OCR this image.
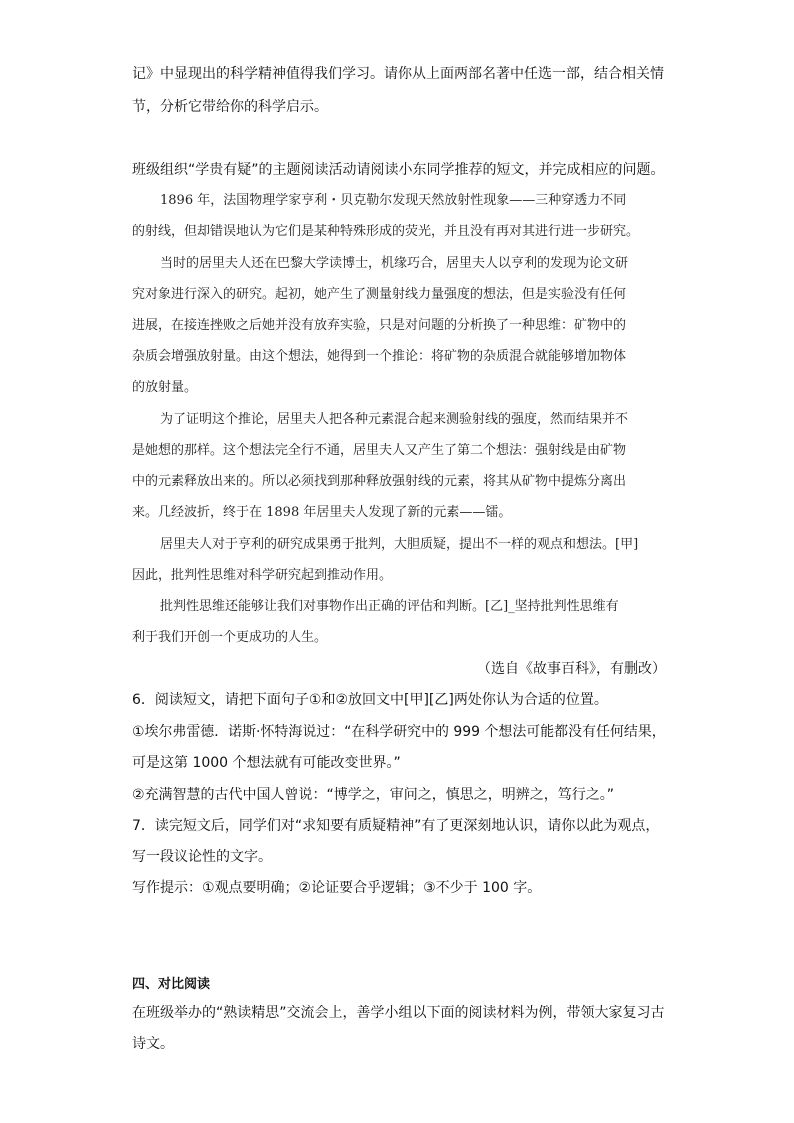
记》中显现出的科学精神值得我们学习。请你从上面两部名著中任选一部，结合相关情
节，分析它带给你的科学启示。
班级组织“学贵有疑”的主题阅读活动请阅读小东同学推荐的短文，并完成相应的问题。
1896 年，法国物理学家亨利・贝克勒尔发现天然放射性现象——三种穿透力不同
的射线，但却错误地认为它们是某种特殊形成的荧光，并且没有再对其进行进一步研究。
当时的居里夫人还在巴黎大学读博士，机缘巧合，居里夫人以亨利的发现为论文研
究对象进行深入的研究。起初，她产生了测量射线力量强度的想法，但是实验没有任何
进展，在接连挫败之后她并没有放弃实验，只是对问题的分析换了一种思维：矿物中的
杂质会增强放射量。由这个想法，她得到一个推论：将矿物的杂质混合就能够增加物体
的放射量。
为了证明这个推论，居里夫人把各种元素混合起来测验射线的强度，然而结果并不
是她想的那样。这个想法完全行不通，居里夫人又产生了第二个想法：强射线是由矿物
中的元素释放出来的。所以必须找到那种释放强射线的元素，将其从矿物中提炼分离出
来。几经波折，终于在 1898 年居里夫人发现了新的元素——镭。
居里夫人对于亨利的研究成果勇于批判，大胆质疑，提出不一样的观点和想法。[甲]
因此，批判性思维对科学研究起到推动作用。
批判性思维还能够让我们对事物作出正确的评估和判断。[乙]_坚持批判性思维有
利于我们开创一个更成功的人生。
（选自《故事百科》，有删改）
6．阅读短文，请把下面句子①和②放回文中[甲][乙]两处你认为合适的位置。
①埃尔弗雷德．诺斯·怀特海说过：“在科学研究中的 999 个想法可能都没有任何结果，
可是这第 1000 个想法就有可能改变世界。”
②充满智慧的古代中国人曾说：“博学之，审问之，慎思之，明辨之，笃行之。”
7．读完短文后，同学们对“求知要有质疑精神”有了更深刻地认识，请你以此为观点，
写一段议论性的文字。
写作提示：①观点要明确；②论证要合乎逻辑；③不少于 100 字。
四、对比阅读
在班级举办的“熟读精思”交流会上，善学小组以下面的阅读材料为例，带领大家复习古
诗文。
